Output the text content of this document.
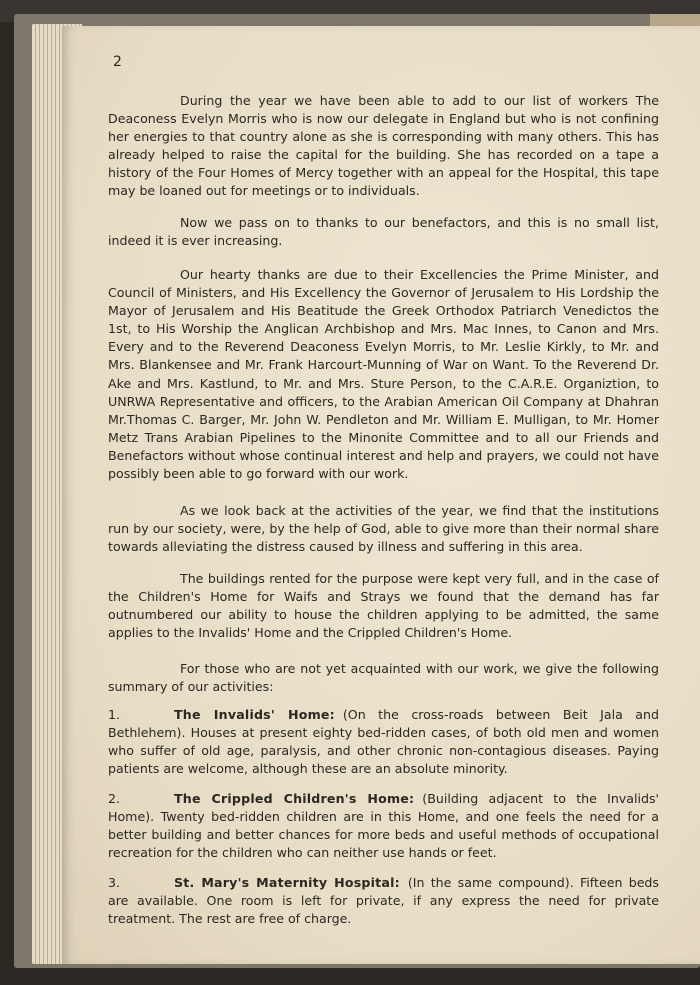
2

During the year we have been able to add to our list of workers The Deaconess Evelyn Morris who is now our delegate in England but who is not confining her energies to that country alone as she is corresponding with many others. This has already helped to raise the capital for the building. She has recorded on a tape a history of the Four Homes of Mercy together with an appeal for the Hospital, this tape may be loaned out for meetings or to individuals.

Now we pass on to thanks to our benefactors, and this is no small list, indeed it is ever increasing.

Our hearty thanks are due to their Excellencies the Prime Minister, and Council of Ministers, and His Excellency the Governor of Jerusalem to His Lordship the Mayor of Jerusalem and His Beatitude the Greek Orthodox Patriarch Venedictos the 1st, to His Worship the Anglican Archbishop and Mrs. Mac Innes, to Canon and Mrs. Every and to the Reverend Deaconess Evelyn Morris, to Mr. Leslie Kirkly, to Mr. and Mrs. Blankensee and Mr. Frank Harcourt-Munning of War on Want. To the Reverend Dr. Ake and Mrs. Kastlund, to Mr. and Mrs. Sture Person, to the C.A.R.E. Organiztion, to UNRWA Representative and officers, to the Arabian American Oil Company at Dhahran Mr.Thomas C. Barger, Mr. John W. Pendleton and Mr. William E. Mulligan, to Mr. Homer Metz Trans Arabian Pipelines to the Minonite Committee and to all our Friends and Benefactors without whose continual interest and help and prayers, we could not have possibly been able to go forward with our work.

As we look back at the activities of the year, we find that the institutions run by our society, were, by the help of God, able to give more than their normal share towards alleviating the distress caused by illness and suffering in this area.

The buildings rented for the purpose were kept very full, and in the case of the Children's Home for Waifs and Strays we found that the demand has far outnumbered our ability to house the children applying to be admitted, the same applies to the Invalids' Home and the Crippled Children's Home.

For those who are not yet acquainted with our work, we give the following summary of our activities:

1.	The Invalids' Home: (On the cross-roads between Beit Jala and Bethlehem). Houses at present eighty bed-ridden cases, of both old men and women who suffer of old age, paralysis, and other chronic non-contagious diseases. Paying patients are welcome, although these are an absolute minority.
2.	The Crippled Children's Home: (Building adjacent to the Invalids' Home). Twenty bed-ridden children are in this Home, and one feels the need for a better building and better chances for more beds and useful methods of occupational recreation for the children who can neither use hands or feet.
3.	St. Mary's Maternity Hospital: (In the same compound). Fifteen beds are available. One room is left for private, if any express the need for private treatment. The rest are free of charge.
